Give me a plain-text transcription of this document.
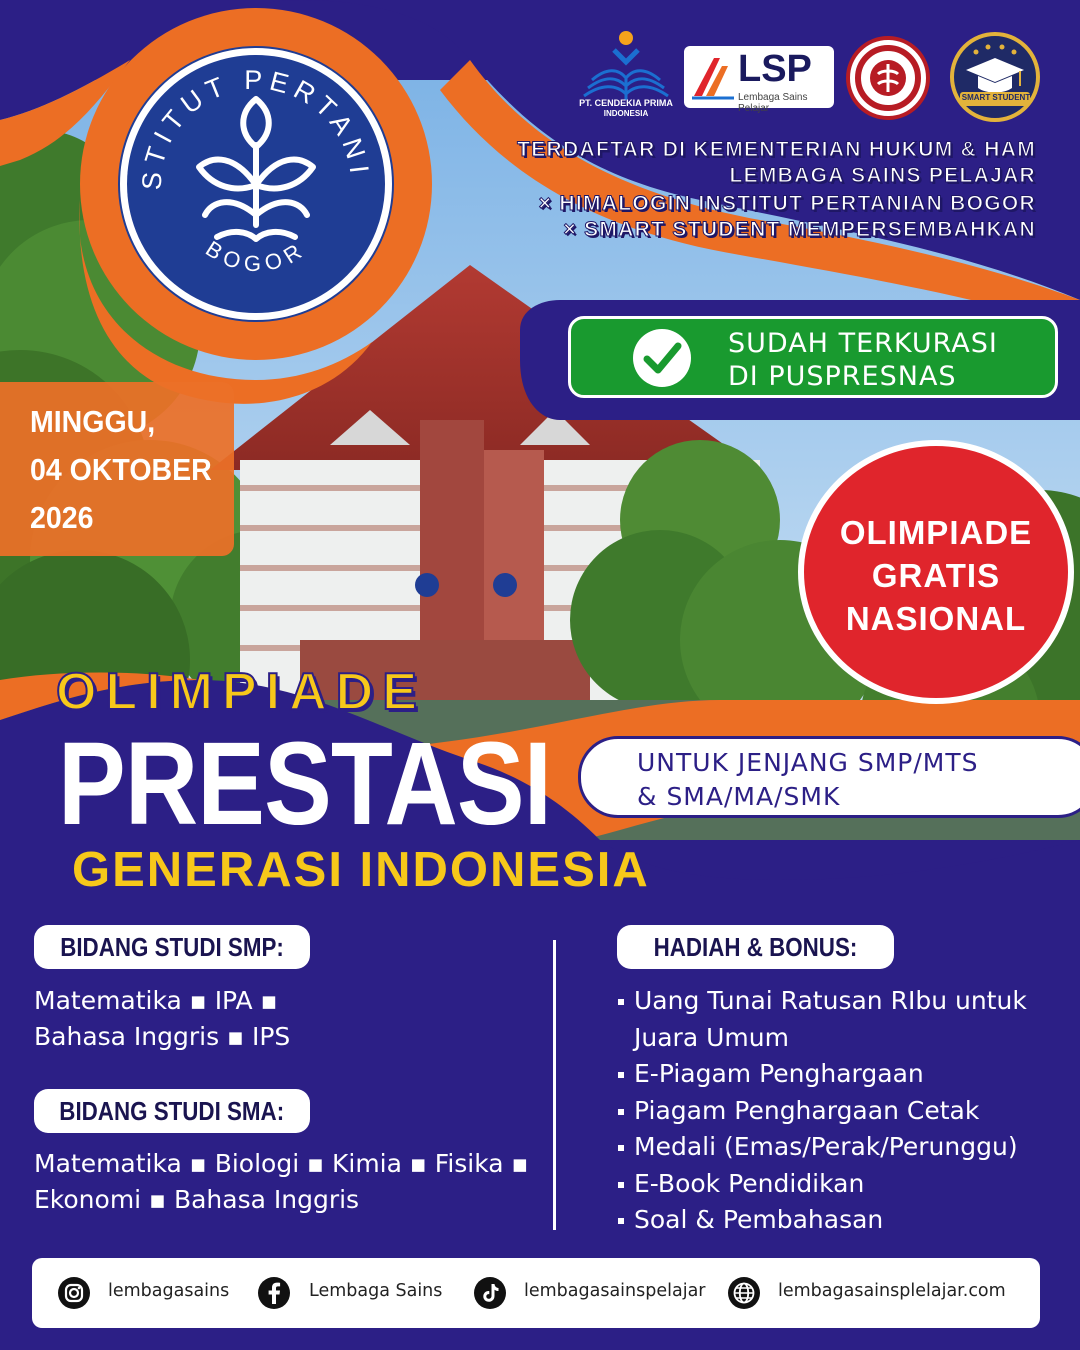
STITUT PERTANI
BOGOR
PT. CENDEKIA PRIMA
INDONESIA
LSP
Lembaga Sains Pelajar
SMART STUDENT
TERDAFTAR DI KEMENTERIAN HUKUM & HAM
LEMBAGA SAINS PELAJAR
× HIMALOGIN INSTITUT PERTANIAN BOGOR
× SMART STUDENT MEMPERSEMBAHKAN
SUDAH TERKURASI
DI PUSPRESNAS
MINGGU,
04 OKTOBER
2026	OLIMPIADE
GRATIS
NASIONAL
OLIMPIADE
PRESTASI
GENERASI INDONESIA
UNTUK JENJANG SMP/MTS
& SMA/MA/SMK
BIDANG STUDI SMP:
Matematika ▪ IPA ▪
Bahasa Inggris ▪ IPS
BIDANG STUDI SMA:
Matematika ▪ Biologi ▪ Kimia ▪ Fisika ▪
Ekonomi ▪ Bahasa Inggris
HADIAH & BONUS:
Uang Tunai Ratusan RIbu untuk
Juara Umum
E-Piagam Penghargaan
Piagam Penghargaan Cetak
Medali (Emas/Perak/Perunggu)
E-Book Pendidikan
Soal & Pembahasan
lembagasains	Lembaga Sains	lembagasainspelajar	lembagasainsplelajar.com
